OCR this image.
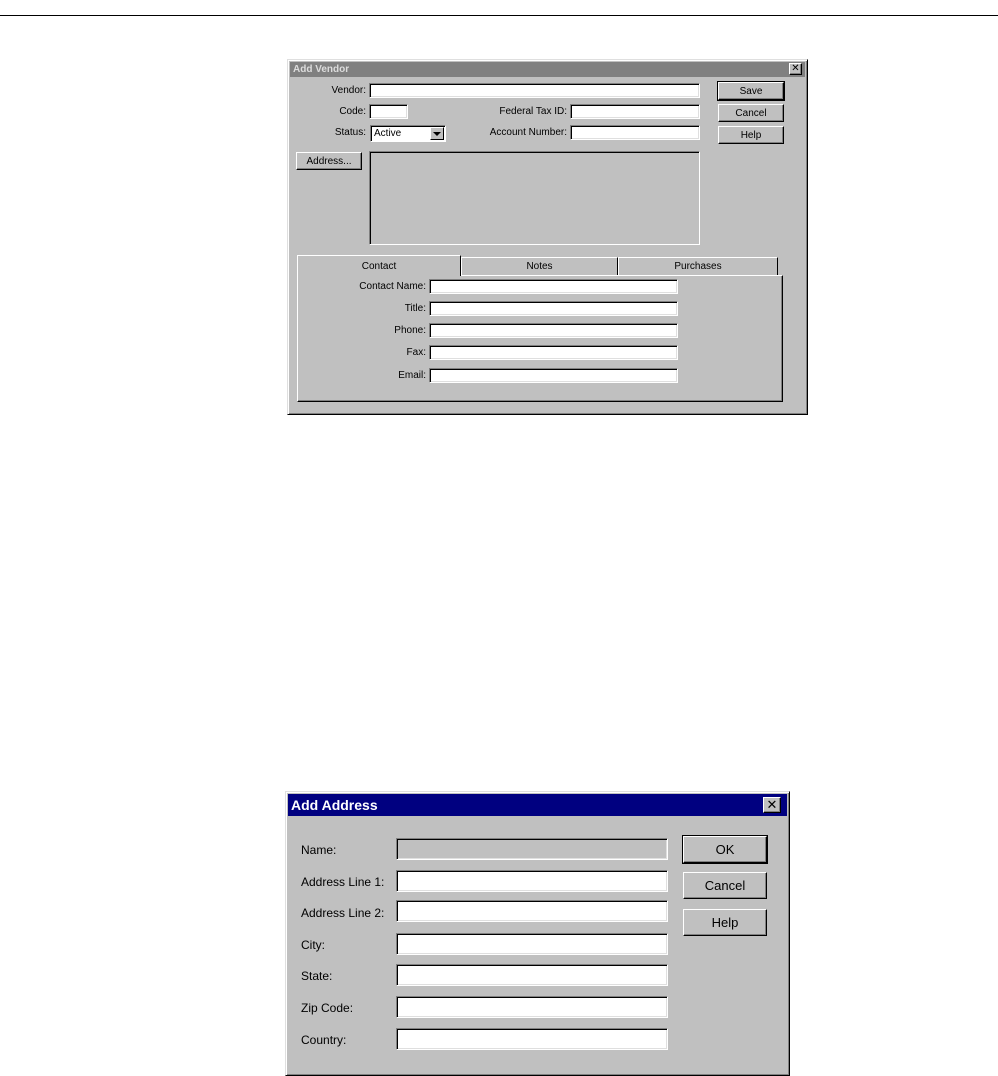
Add Vendor	✕
Vendor:
Code:	Federal Tax ID:
Status: Active	Account Number:
Save
Cancel
Help
Address...
Contact	Notes	Purchases
Contact Name:
Title:
Phone:
Fax:
Email:
Add Address	✕
Name:
Address Line 1:
Address Line 2:
City:
State:
Zip Code:
Country:
OK
Cancel
Help
